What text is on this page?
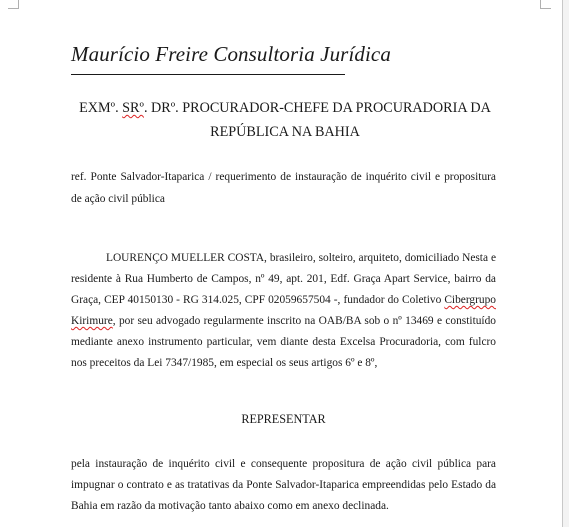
Maurício Freire Consultoria Jurídica
EXMº. SRº. DRº. PROCURADOR-CHEFE DA PROCURADORIA DA REPÚBLICA NA BAHIA
ref. Ponte Salvador-Itaparica / requerimento de instauração de inquérito civil e propositura de ação civil pública
LOURENÇO MUELLER COSTA, brasileiro, solteiro, arquiteto, domiciliado Nesta e residente à Rua Humberto de Campos, nº 49, apt. 201, Edf. Graça Apart Service, bairro da Graça, CEP 40150130 - RG 314.025, CPF 02059657504 -, fundador do Coletivo Cibergrupo Kirimure, por seu advogado regularmente inscrito na OAB/BA sob o nº 13469 e constituído mediante anexo instrumento particular, vem diante desta Excelsa Procuradoria, com fulcro nos preceitos da Lei 7347/1985, em especial os seus artigos 6º e 8º,
REPRESENTAR
pela instauração de inquérito civil e consequente propositura de ação civil pública para impugnar o contrato e as tratativas da Ponte Salvador-Itaparica empreendidas pelo Estado da Bahia em razão da motivação tanto abaixo como em anexo declinada.
